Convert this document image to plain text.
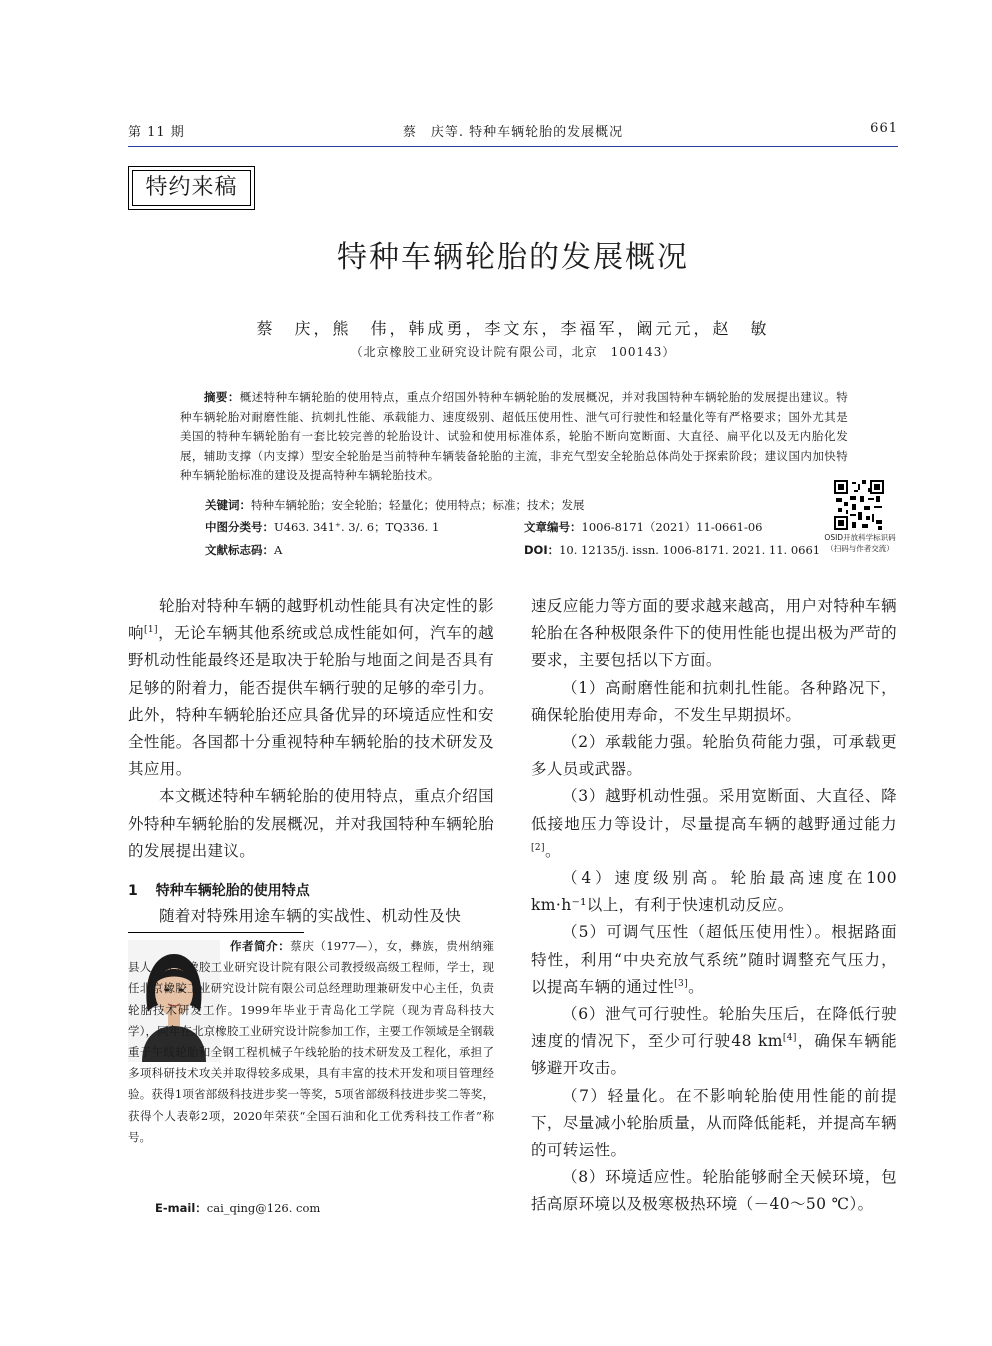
第 11 期	蔡　庆等. 特种车辆轮胎的发展概况	661
特约来稿
特种车辆轮胎的发展概况
蔡　庆，熊　伟，韩成勇，李文东，李福军，阚元元，赵　敏
（北京橡胶工业研究设计院有限公司，北京　100143）
摘要：概述特种车辆轮胎的使用特点，重点介绍国外特种车辆轮胎的发展概况，并对我国特种车辆轮胎的发展提出建议。特种车辆轮胎对耐磨性能、抗刺扎性能、承载能力、速度级别、超低压使用性、泄气可行驶性和轻量化等有严格要求；国外尤其是美国的特种车辆轮胎有一套比较完善的轮胎设计、试验和使用标准体系，轮胎不断向宽断面、大直径、扁平化以及无内胎化发展，辅助支撑（内支撑）型安全轮胎是当前特种车辆装备轮胎的主流，非充气型安全轮胎总体尚处于探索阶段；建议国内加快特种车辆轮胎标准的建设及提高特种车辆轮胎技术。
关键词：特种车辆轮胎；安全轮胎；轻量化；使用特点；标准；技术；发展
中图分类号：U463. 341⁺. 3/. 6；TQ336. 1	文章编号：1006-8171（2021）11-0661-06
文献标志码：A	DOI：10. 12135/j. issn. 1006-8171. 2021. 11. 0661
OSID开放科学标识码
（扫码与作者交流）

轮胎对特种车辆的越野机动性能具有决定性的影响[1]，无论车辆其他系统或总成性能如何，汽车的越野机动性能最终还是取决于轮胎与地面之间是否具有足够的附着力，能否提供车辆行驶的足够的牵引力。此外，特种车辆轮胎还应具备优异的环境适应性和安全性能。各国都十分重视特种车辆轮胎的技术研发及其应用。

本文概述特种车辆轮胎的使用特点，重点介绍国外特种车辆轮胎的发展概况，并对我国特种车辆轮胎的发展提出建议。

1 特种车辆轮胎的使用特点

随着对特殊用途车辆的实战性、机动性及快

作者简介：蔡庆（1977—），女，彝族，贵州纳雍县人，北京橡胶工业研究设计院有限公司教授级高级工程师，学士，现任北京橡胶工业研究设计院有限公司总经理助理兼研发中心主任，负责轮胎技术研发工作。1999年毕业于青岛化工学院（现为青岛科技大学），同年在北京橡胶工业研究设计院参加工作，主要工作领域是全钢载重子午线轮胎和全钢工程机械子午线轮胎的技术研发及工程化，承担了多项科研技术攻关并取得较多成果，具有丰富的技术开发和项目管理经验。获得1项省部级科技进步奖一等奖，5项省部级科技进步奖二等奖，获得个人表彰2项，2020年荣获“全国石油和化工优秀科技工作者”称号。
E-mail：cai_qing@126. com

速反应能力等方面的要求越来越高，用户对特种车辆轮胎在各种极限条件下的使用性能也提出极为严苛的要求，主要包括以下方面。

（1）高耐磨性能和抗刺扎性能。各种路况下，确保轮胎使用寿命，不发生早期损坏。

（2）承载能力强。轮胎负荷能力强，可承载更多人员或武器。

（3）越野机动性强。采用宽断面、大直径、降低接地压力等设计，尽量提高车辆的越野通过能力[2]。

（4）速度级别高。轮胎最高速度在100 km·h⁻¹以上，有利于快速机动反应。

（5）可调气压性（超低压使用性）。根据路面特性，利用“中央充放气系统”随时调整充气压力，以提高车辆的通过性[3]。

（6）泄气可行驶性。轮胎失压后，在降低行驶速度的情况下，至少可行驶48 km[4]，确保车辆能够避开攻击。

（7）轻量化。在不影响轮胎使用性能的前提下，尽量减小轮胎质量，从而降低能耗，并提高车辆的可转运性。

（8）环境适应性。轮胎能够耐全天候环境，包括高原环境以及极寒极热环境（－40～50 ℃）。
